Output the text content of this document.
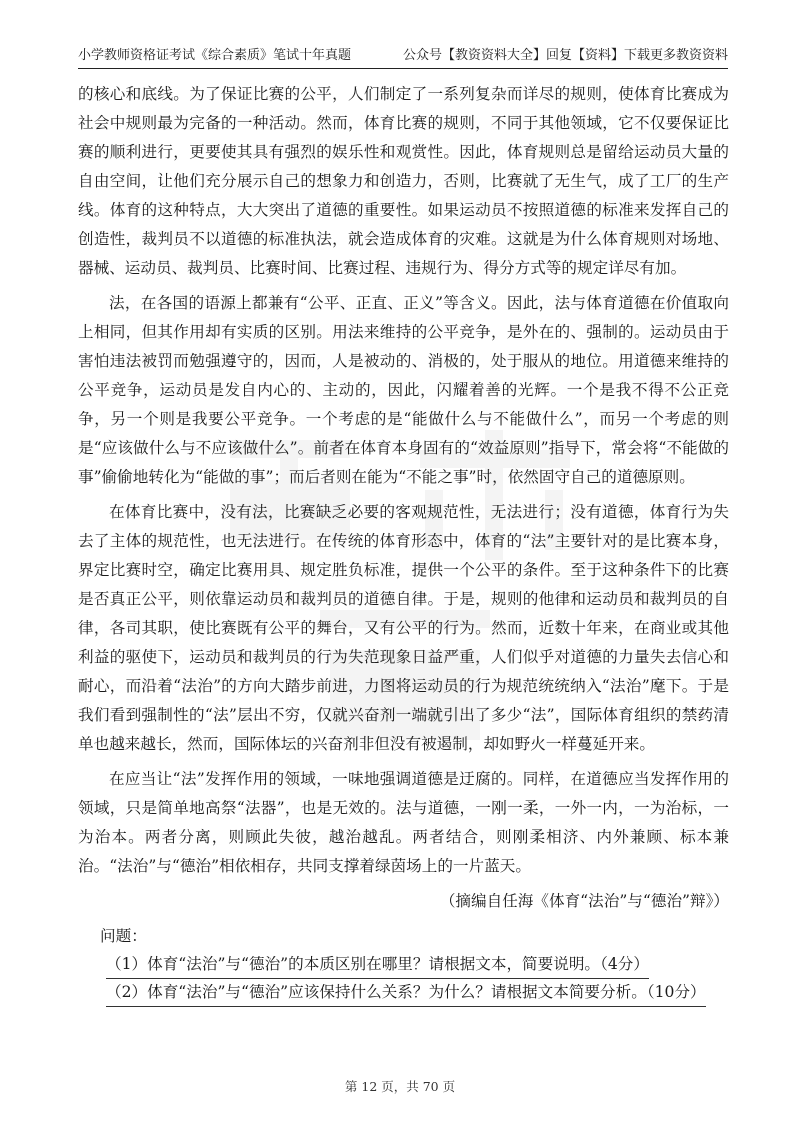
小学教师资格证考试《综合素质》笔试十年真题	公众号【教资资料大全】回复【资料】下载更多教资资料

的核心和底线。为了保证比赛的公平，人们制定了一系列复杂而详尽的规则，使体育比赛成为社会中规则最为完备的一种活动。然而，体育比赛的规则，不同于其他领域，它不仅要保证比赛的顺利进行，更要使其具有强烈的娱乐性和观赏性。因此，体育规则总是留给运动员大量的自由空间，让他们充分展示自己的想象力和创造力，否则，比赛就了无生气，成了工厂的生产线。体育的这种特点，大大突出了道德的重要性。如果运动员不按照道德的标准来发挥自己的创造性，裁判员不以道德的标准执法，就会造成体育的灾难。这就是为什么体育规则对场地、器械、运动员、裁判员、比赛时间、比赛过程、违规行为、得分方式等的规定详尽有加。

法，在各国的语源上都兼有“公平、正直、正义”等含义。因此，法与体育道德在价值取向上相同，但其作用却有实质的区别。用法来维持的公平竞争，是外在的、强制的。运动员由于害怕违法被罚而勉强遵守的，因而，人是被动的、消极的，处于服从的地位。用道德来维持的公平竞争，运动员是发自内心的、主动的，因此，闪耀着善的光辉。一个是我不得不公正竞争，另一个则是我要公平竞争。一个考虑的是“能做什么与不能做什么”，而另一个考虑的则是“应该做什么与不应该做什么”。前者在体育本身固有的“效益原则”指导下，常会将“不能做的事”偷偷地转化为“能做的事”；而后者则在能为“不能之事”时，依然固守自己的道德原则。

在体育比赛中，没有法，比赛缺乏必要的客观规范性，无法进行；没有道德，体育行为失去了主体的规范性，也无法进行。在传统的体育形态中，体育的“法”主要针对的是比赛本身，界定比赛时空，确定比赛用具、规定胜负标准，提供一个公平的条件。至于这种条件下的比赛是否真正公平，则依靠运动员和裁判员的道德自律。于是，规则的他律和运动员和裁判员的自律，各司其职，使比赛既有公平的舞台，又有公平的行为。然而，近数十年来，在商业或其他利益的驱使下，运动员和裁判员的行为失范现象日益严重，人们似乎对道德的力量失去信心和耐心，而沿着“法治”的方向大踏步前进，力图将运动员的行为规范统统纳入“法治”麾下。于是我们看到强制性的“法”层出不穷，仅就兴奋剂一端就引出了多少“法”，国际体育组织的禁药清单也越来越长，然而，国际体坛的兴奋剂非但没有被遏制，却如野火一样蔓延开来。

在应当让“法”发挥作用的领域，一味地强调道德是迂腐的。同样，在道德应当发挥作用的领域，只是简单地高祭“法器”，也是无效的。法与道德，一刚一柔，一外一内，一为治标，一为治本。两者分离，则顾此失彼，越治越乱。两者结合，则刚柔相济、内外兼顾、标本兼治。“法治”与“德治”相依相存，共同支撑着绿茵场上的一片蓝天。

（摘编自任海《体育“法治”与“德治”辩》）

问题：

（1）体育“法治”与“德治”的本质区别在哪里？请根据文本，简要说明。（4分）
（2）体育“法治”与“德治”应该保持什么关系？为什么？请根据文本简要分析。（10分）
第 12 页，共 70 页
